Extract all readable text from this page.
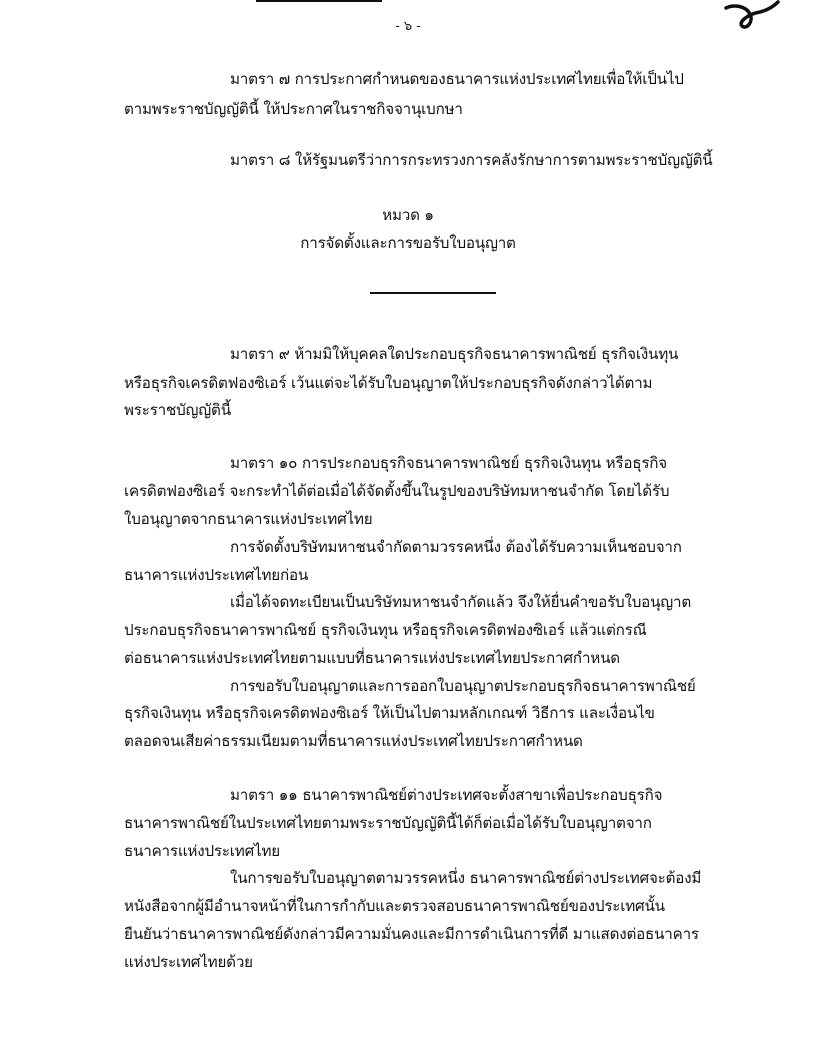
- ๖ -
มาตรา ๗ การประกาศกำหนดของธนาคารแห่งประเทศไทยเพื่อให้เป็นไป
ตามพระราชบัญญัตินี้ ให้ประกาศในราชกิจจานุเบกษา
มาตรา ๘ ให้รัฐมนตรีว่าการกระทรวงการคลังรักษาการตามพระราชบัญญัตินี้
หมวด ๑
การจัดตั้งและการขอรับใบอนุญาต
มาตรา ๙ ห้ามมิให้บุคคลใดประกอบธุรกิจธนาคารพาณิชย์ ธุรกิจเงินทุน
หรือธุรกิจเครดิตฟองซิเอร์ เว้นแต่จะได้รับใบอนุญาตให้ประกอบธุรกิจดังกล่าวได้ตาม
พระราชบัญญัตินี้
มาตรา ๑๐ การประกอบธุรกิจธนาคารพาณิชย์ ธุรกิจเงินทุน หรือธุรกิจ
เครดิตฟองซิเอร์ จะกระทำได้ต่อเมื่อได้จัดตั้งขึ้นในรูปของบริษัทมหาชนจำกัด โดยได้รับ
ใบอนุญาตจากธนาคารแห่งประเทศไทย
การจัดตั้งบริษัทมหาชนจำกัดตามวรรคหนึ่ง ต้องได้รับความเห็นชอบจาก
ธนาคารแห่งประเทศไทยก่อน
เมื่อได้จดทะเบียนเป็นบริษัทมหาชนจำกัดแล้ว จึงให้ยื่นคำขอรับใบอนุญาต
ประกอบธุรกิจธนาคารพาณิชย์ ธุรกิจเงินทุน หรือธุรกิจเครดิตฟองซิเอร์ แล้วแต่กรณี
ต่อธนาคารแห่งประเทศไทยตามแบบที่ธนาคารแห่งประเทศไทยประกาศกำหนด
การขอรับใบอนุญาตและการออกใบอนุญาตประกอบธุรกิจธนาคารพาณิชย์
ธุรกิจเงินทุน หรือธุรกิจเครดิตฟองซิเอร์ ให้เป็นไปตามหลักเกณฑ์ วิธีการ และเงื่อนไข
ตลอดจนเสียค่าธรรมเนียมตามที่ธนาคารแห่งประเทศไทยประกาศกำหนด
มาตรา ๑๑ ธนาคารพาณิชย์ต่างประเทศจะตั้งสาขาเพื่อประกอบธุรกิจ
ธนาคารพาณิชย์ในประเทศไทยตามพระราชบัญญัตินี้ได้ก็ต่อเมื่อได้รับใบอนุญาตจาก
ธนาคารแห่งประเทศไทย
ในการขอรับใบอนุญาตตามวรรคหนึ่ง ธนาคารพาณิชย์ต่างประเทศจะต้องมี
หนังสือจากผู้มีอำนาจหน้าที่ในการกำกับและตรวจสอบธนาคารพาณิชย์ของประเทศนั้น
ยืนยันว่าธนาคารพาณิชย์ดังกล่าวมีความมั่นคงและมีการดำเนินการที่ดี มาแสดงต่อธนาคาร
แห่งประเทศไทยด้วย
